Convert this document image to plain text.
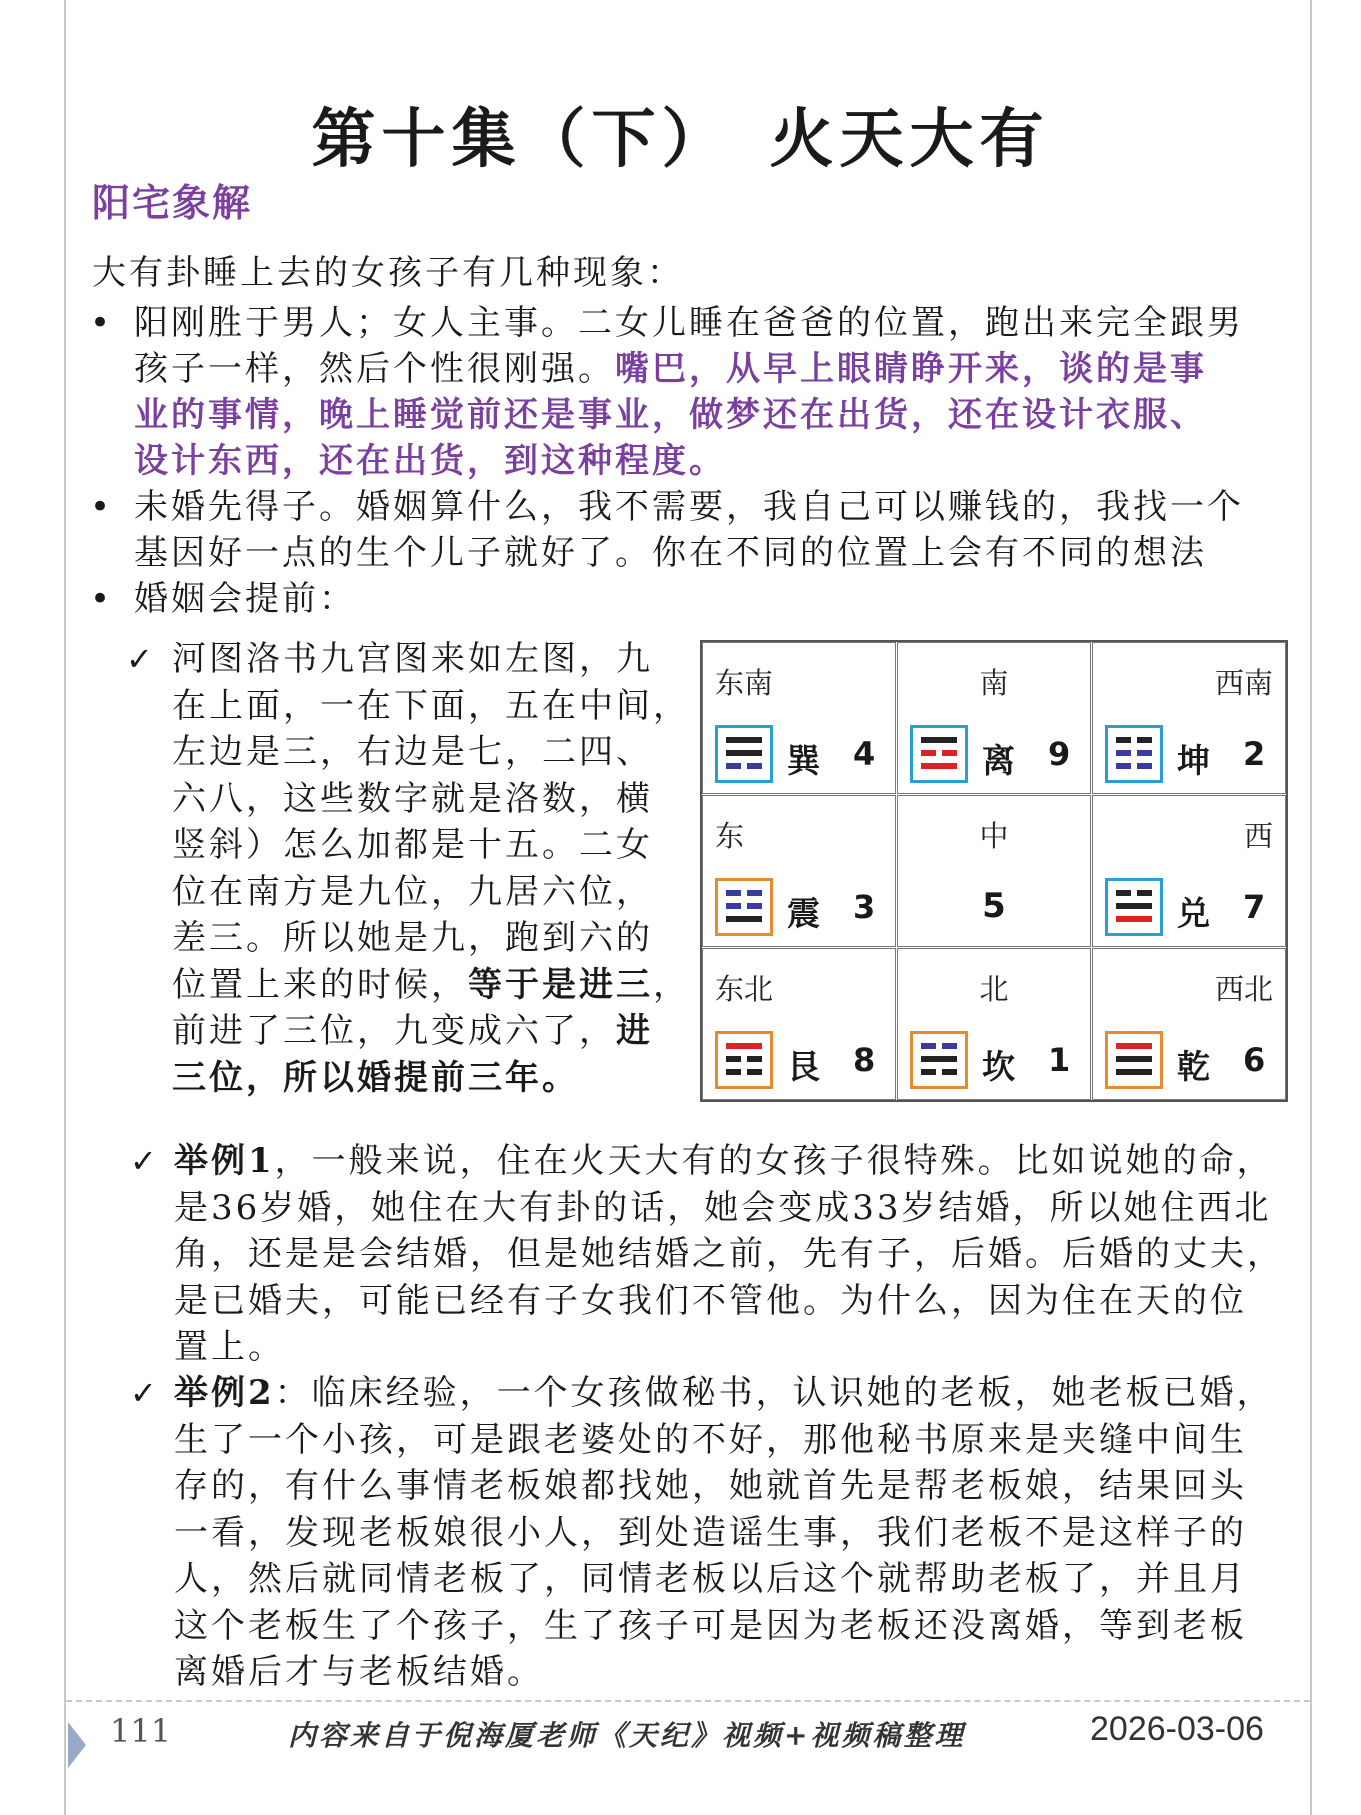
第十集（下）　火天大有
阳宅象解
大有卦睡上去的女孩子有几种现象：
• 阳刚胜于男人；女人主事。二女儿睡在爸爸的位置，跑出来完全跟男
孩子一样，然后个性很刚强。嘴巴，从早上眼睛睁开来，谈的是事
业的事情，晚上睡觉前还是事业，做梦还在出货，还在设计衣服、
设计东西，还在出货，到这种程度。
• 未婚先得子。婚姻算什么，我不需要，我自己可以赚钱的，我找一个
基因好一点的生个儿子就好了。你在不同的位置上会有不同的想法
• 婚姻会提前：
✓ 河图洛书九宫图来如左图，九
在上面，一在下面，五在中间，
左边是三，右边是七，二四、
六八，这些数字就是洛数，横
竖斜）怎么加都是十五。二女
位在南方是九位，九居六位，
差三。所以她是九，跑到六的
位置上来的时候，等于是进三，
前进了三位，九变成六了，进
三位，所以婚提前三年。
东南
巽 4
南
离 9
西南
坤 2
东
震 3
中
5
西
兑 7
东北
艮 8
北
坎 1
西北
乾 6
✓ 举例1，一般来说，住在火天大有的女孩子很特殊。比如说她的命，
是36岁婚，她住在大有卦的话，她会变成33岁结婚，所以她住西北
角，还是是会结婚，但是她结婚之前，先有子，后婚。后婚的丈夫，
是已婚夫，可能已经有子女我们不管他。为什么，因为住在天的位
置上。
✓ 举例2：临床经验，一个女孩做秘书，认识她的老板，她老板已婚，
生了一个小孩，可是跟老婆处的不好，那他秘书原来是夹缝中间生
存的，有什么事情老板娘都找她，她就首先是帮老板娘，结果回头
一看，发现老板娘很小人，到处造谣生事，我们老板不是这样子的
人，然后就同情老板了，同情老板以后这个就帮助老板了，并且月
这个老板生了个孩子，生了孩子可是因为老板还没离婚，等到老板
离婚后才与老板结婚。
111	内容来自于倪海厦老师《天纪》视频+视频稿整理	2026-03-06
